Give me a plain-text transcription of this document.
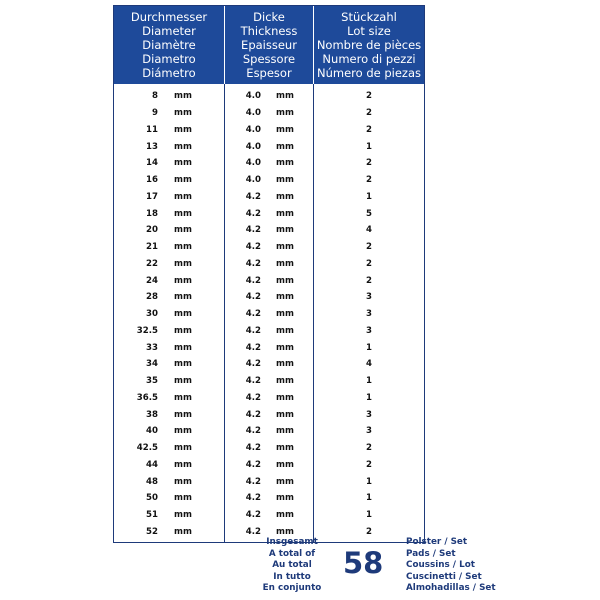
Durchmesser
Diameter
Diamètre
Diametro
Diámetro
Dicke
Thickness
Epaisseur
Spessore
Espesor
Stückzahl
Lot size
Nombre de pièces
Numero di pezzi
Número de piezas
8 mm
9 mm
11 mm
13 mm
14 mm
16 mm
17 mm
18 mm
20 mm
21 mm
22 mm
24 mm
28 mm
30 mm
32.5 mm
33 mm
34 mm
35 mm
36.5 mm
38 mm
40 mm
42.5 mm
44 mm
48 mm
50 mm
51 mm
52 mm
4.0 mm
4.0 mm
4.0 mm
4.0 mm
4.0 mm
4.0 mm
4.2 mm
4.2 mm
4.2 mm
4.2 mm
4.2 mm
4.2 mm
4.2 mm
4.2 mm
4.2 mm
4.2 mm
4.2 mm
4.2 mm
4.2 mm
4.2 mm
4.2 mm
4.2 mm
4.2 mm
4.2 mm
4.2 mm
4.2 mm
4.2 mm
2
2
2
1
2
2
1
5
4
2
2
2
3
3
3
1
4
1
1
3
3
2
2
1
1
1
2
Insgesamt
A total of
Au total
In tutto
En conjunto
58
Polster / Set
Pads / Set
Coussins / Lot
Cuscinetti / Set
Almohadillas / Set
